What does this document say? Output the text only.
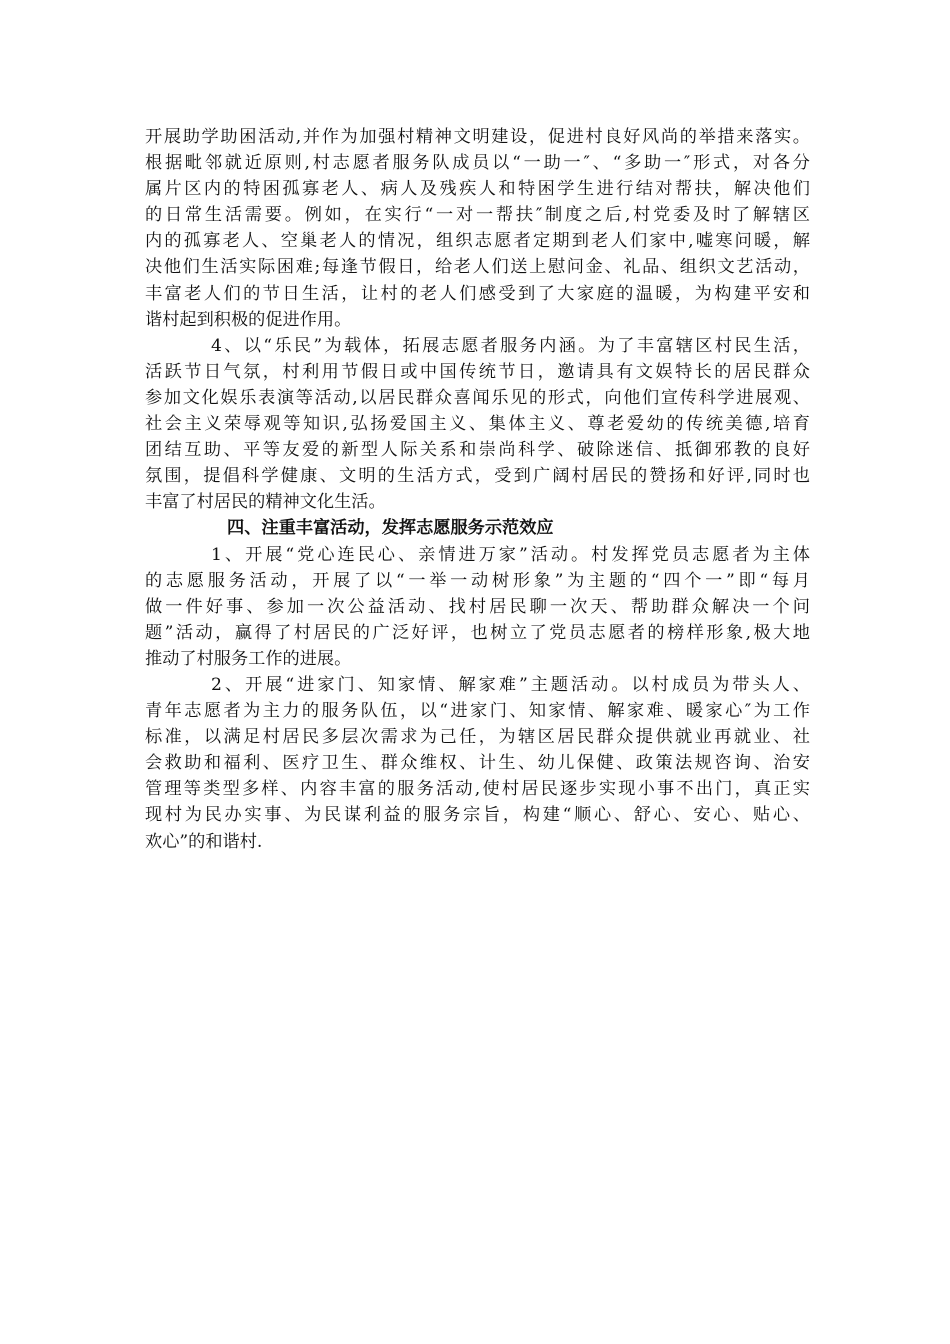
开展助学助困活动,并作为加强村精神文明建设，促进村良好风尚的举措来落实。
根据毗邻就近原则,村志愿者服务队成员以“一助一″、“多助一″形式，对各分
属片区内的特困孤寡老人、病人及残疾人和特困学生进行结对帮扶，解决他们
的日常生活需要。例如，在实行“一对一帮扶″制度之后,村党委及时了解辖区
内的孤寡老人、空巢老人的情况，组织志愿者定期到老人们家中,嘘寒问暖，解
决他们生活实际困难;每逢节假日，给老人们送上慰问金、礼品、组织文艺活动，
丰富老人们的节日生活，让村的老人们感受到了大家庭的温暖，为构建平安和
谐村起到积极的促进作用。
4、以“乐民”为载体，拓展志愿者服务内涵。为了丰富辖区村民生活，
活跃节日气氛，村利用节假日或中国传统节日，邀请具有文娱特长的居民群众
参加文化娱乐表演等活动,以居民群众喜闻乐见的形式，向他们宣传科学进展观、
社会主义荣辱观等知识,弘扬爱国主义、集体主义、尊老爱幼的传统美德,培育
团结互助、平等友爱的新型人际关系和崇尚科学、破除迷信、抵御邪教的良好
氛围，提倡科学健康、文明的生活方式，受到广阔村居民的赞扬和好评,同时也
丰富了村居民的精神文化生活。
四、注重丰富活动，发挥志愿服务示范效应
1、开展“党心连民心、亲情进万家”活动。村发挥党员志愿者为主体
的志愿服务活动，开展了以“一举一动树形象”为主题的“四个一”即“每月
做一件好事、参加一次公益活动、找村居民聊一次天、帮助群众解决一个问
题”活动，赢得了村居民的广泛好评，也树立了党员志愿者的榜样形象,极大地
推动了村服务工作的进展。
2、开展“进家门、知家情、解家难”主题活动。以村成员为带头人、
青年志愿者为主力的服务队伍，以“进家门、知家情、解家难、暖家心″为工作
标准，以满足村居民多层次需求为己任，为辖区居民群众提供就业再就业、社
会救助和福利、医疗卫生、群众维权、计生、幼儿保健、政策法规咨询、治安
管理等类型多样、内容丰富的服务活动,使村居民逐步实现小事不出门，真正实
现村为民办实事、为民谋利益的服务宗旨，构建“顺心、舒心、安心、贴心、
欢心”的和谐村.
